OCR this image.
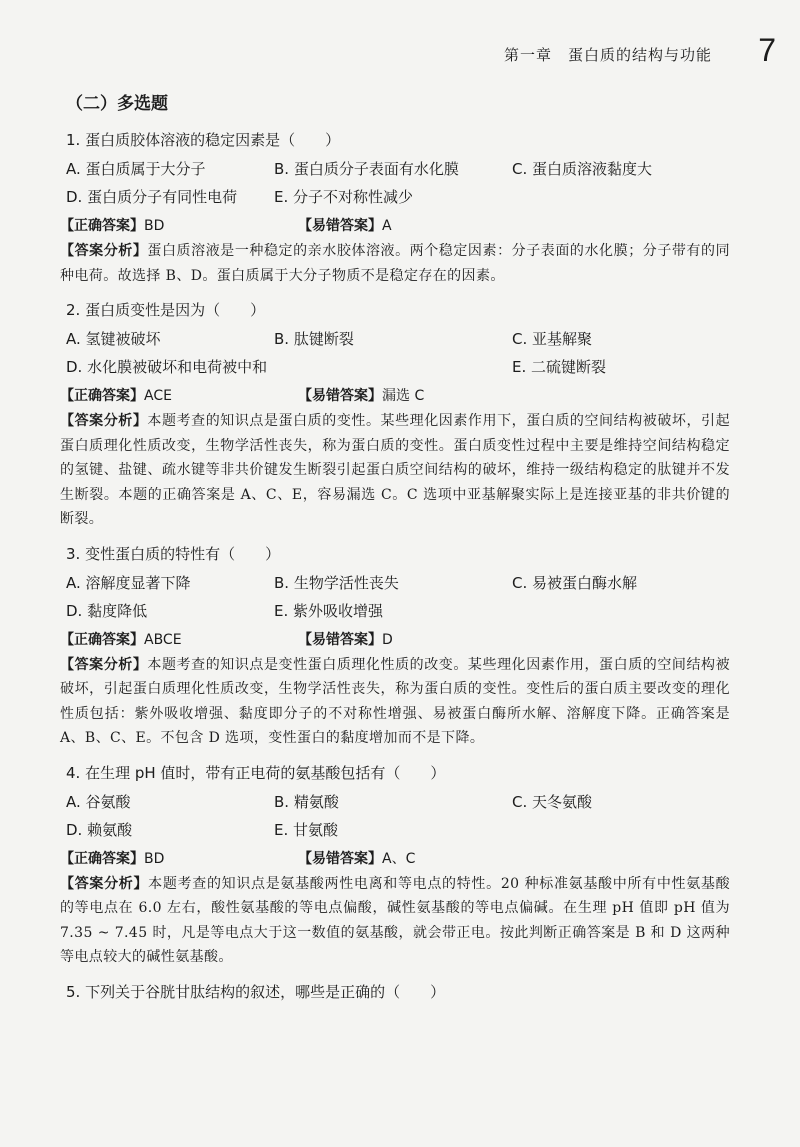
第一章　蛋白质的结构与功能 7
（二）多选题
1. 蛋白质胶体溶液的稳定因素是（　　）
A. 蛋白质属于大分子	B. 蛋白质分子表面有水化膜	C. 蛋白质溶液黏度大
D. 蛋白质分子有同性电荷 E. 分子不对称性减少
【正确答案】BD	【易错答案】A
【答案分析】蛋白质溶液是一种稳定的亲水胶体溶液。两个稳定因素：分子表面的水化膜；分子带有的同种电荷。故选择 B、D。蛋白质属于大分子物质不是稳定存在的因素。
2. 蛋白质变性是因为（　　）
A. 氢键被破坏	B. 肽键断裂	C. 亚基解聚
D. 水化膜被破坏和电荷被中和	E. 二硫键断裂
【正确答案】ACE	【易错答案】漏选 C
【答案分析】本题考查的知识点是蛋白质的变性。某些理化因素作用下，蛋白质的空间结构被破坏，引起蛋白质理化性质改变，生物学活性丧失，称为蛋白质的变性。蛋白质变性过程中主要是维持空间结构稳定的氢键、盐键、疏水键等非共价键发生断裂引起蛋白质空间结构的破坏，维持一级结构稳定的肽键并不发生断裂。本题的正确答案是 A、C、E，容易漏选 C。C 选项中亚基解聚实际上是连接亚基的非共价键的断裂。
3. 变性蛋白质的特性有（　　）
A. 溶解度显著下降	B. 生物学活性丧失	C. 易被蛋白酶水解
D. 黏度降低	E. 紫外吸收增强
【正确答案】ABCE	【易错答案】D
【答案分析】本题考查的知识点是变性蛋白质理化性质的改变。某些理化因素作用，蛋白质的空间结构被破坏，引起蛋白质理化性质改变，生物学活性丧失，称为蛋白质的变性。变性后的蛋白质主要改变的理化性质包括：紫外吸收增强、黏度即分子的不对称性增强、易被蛋白酶所水解、溶解度下降。正确答案是 A、B、C、E。不包含 D 选项，变性蛋白的黏度增加而不是下降。
4. 在生理 pH 值时，带有正电荷的氨基酸包括有（　　）
A. 谷氨酸	B. 精氨酸	C. 天冬氨酸
D. 赖氨酸	E. 甘氨酸
【正确答案】BD	【易错答案】A、C
【答案分析】本题考查的知识点是氨基酸两性电离和等电点的特性。20 种标准氨基酸中所有中性氨基酸的等电点在 6.0 左右，酸性氨基酸的等电点偏酸，碱性氨基酸的等电点偏碱。在生理 pH 值即 pH 值为 7.35 ~ 7.45 时，凡是等电点大于这一数值的氨基酸，就会带正电。按此判断正确答案是 B 和 D 这两种等电点较大的碱性氨基酸。
5. 下列关于谷胱甘肽结构的叙述，哪些是正确的（　　）
